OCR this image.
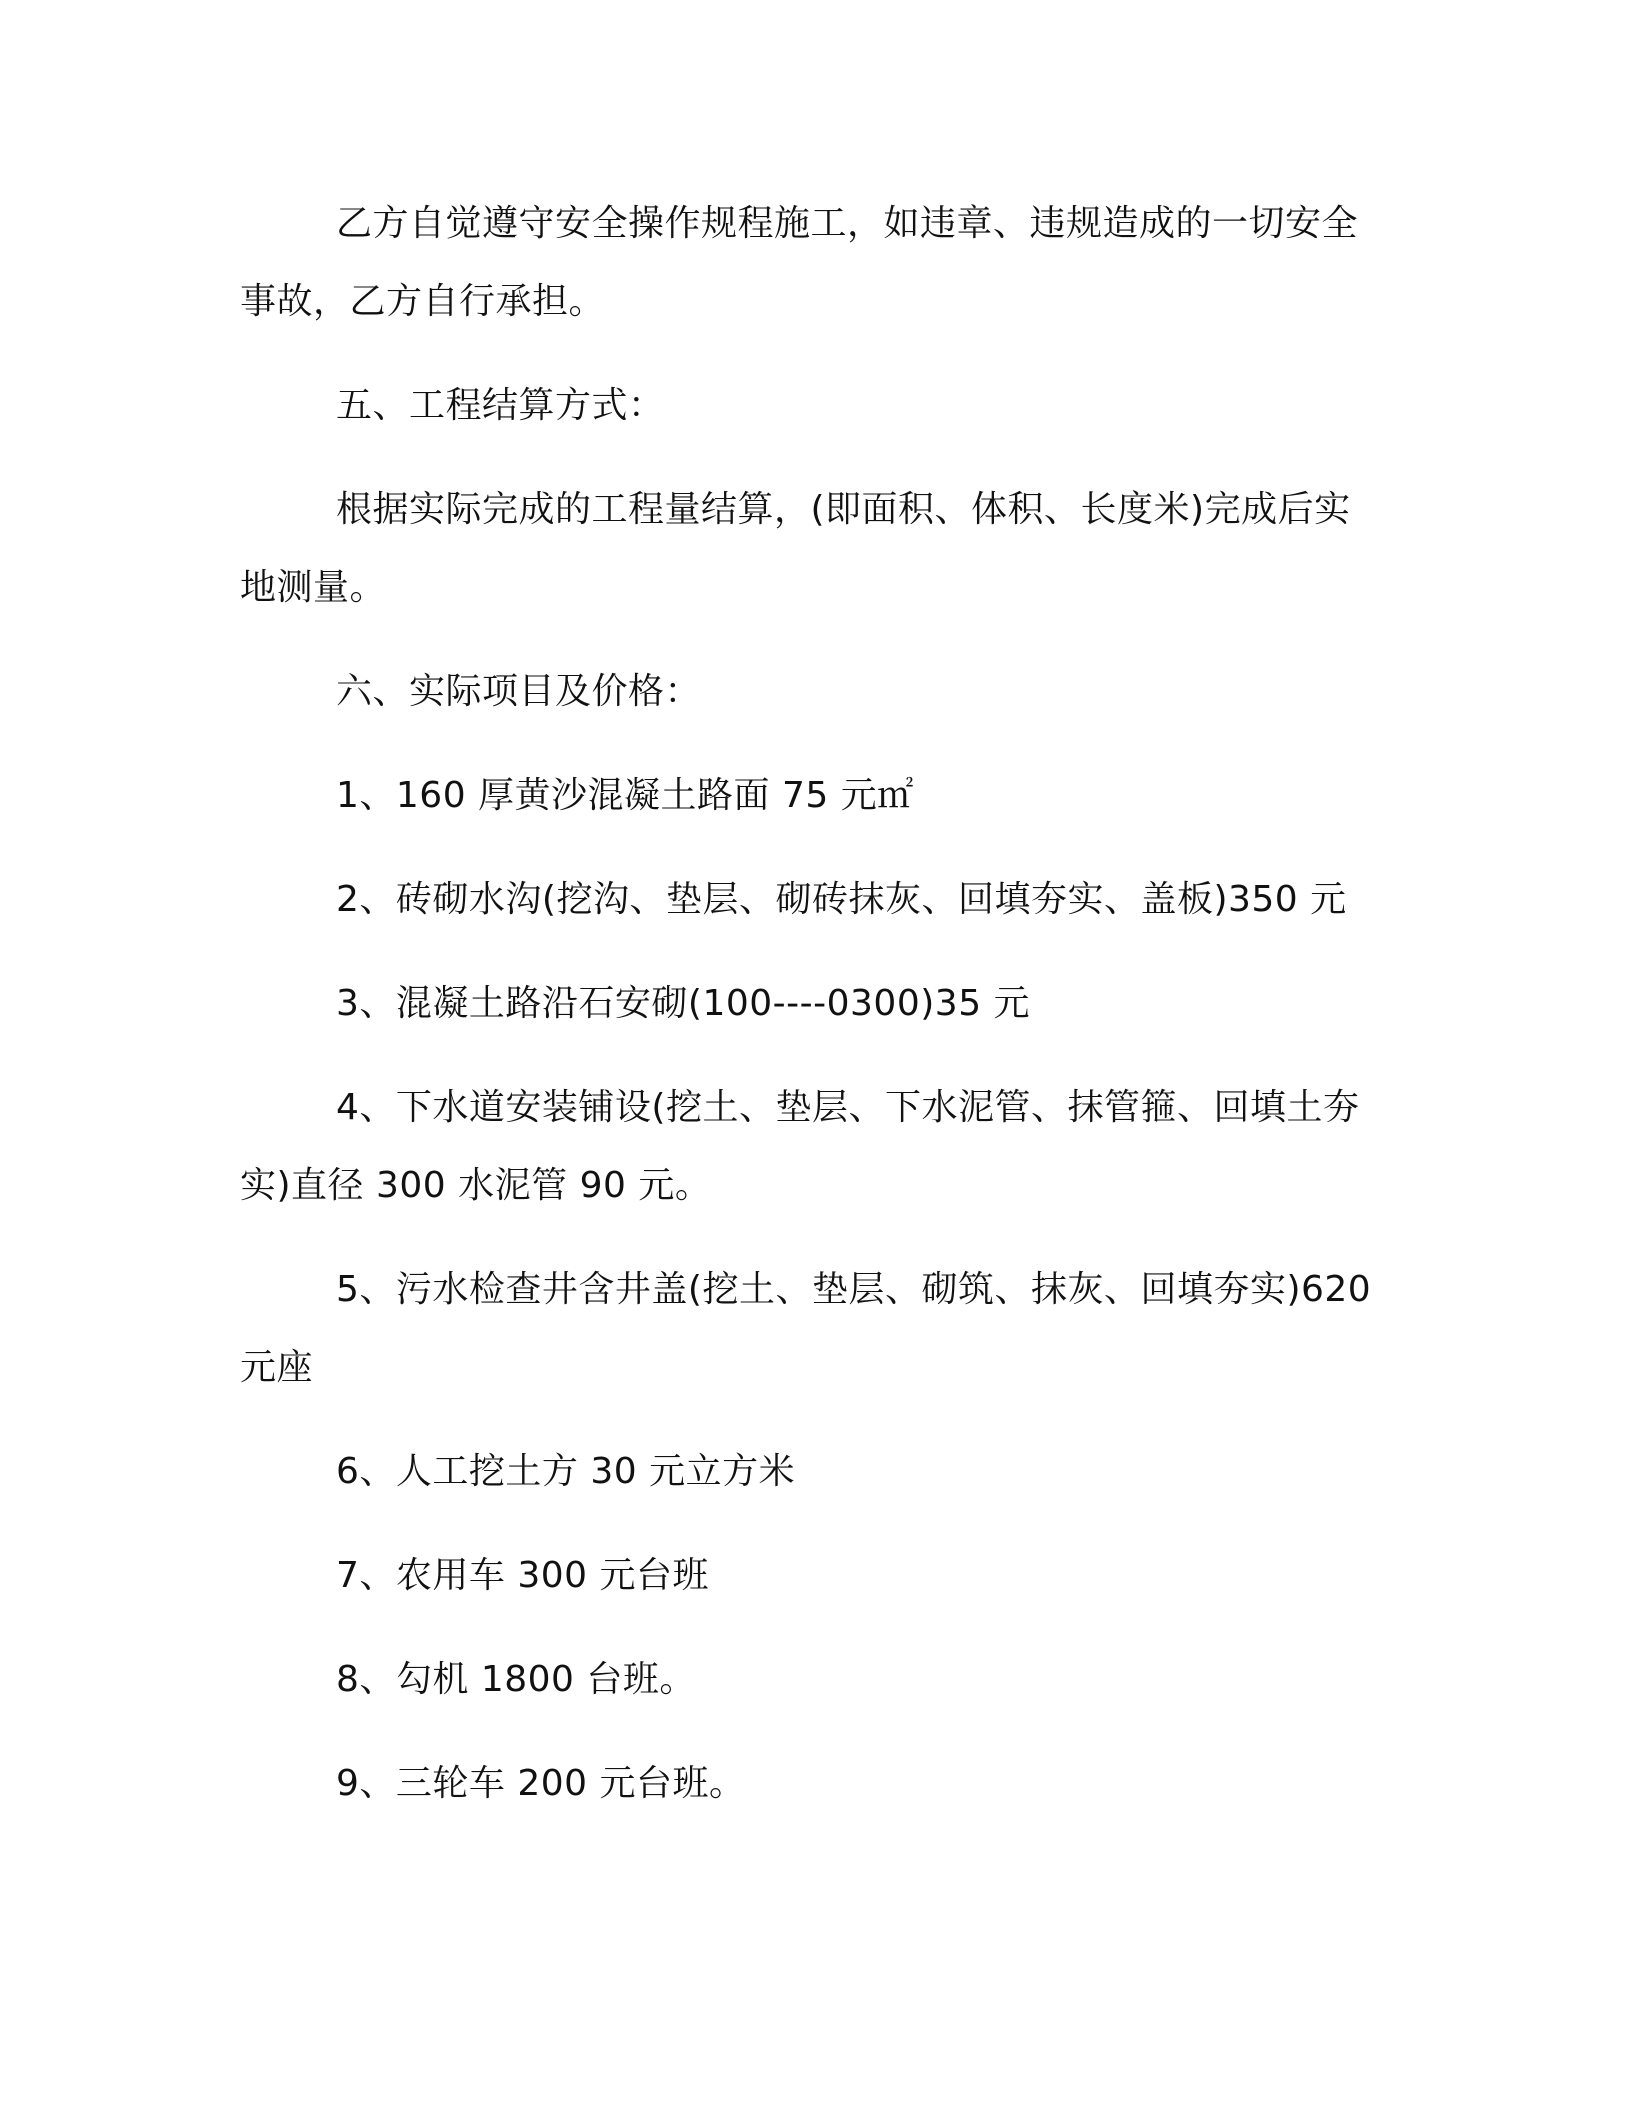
乙方自觉遵守安全操作规程施工，如违章、违规造成的一切安全事故，乙方自行承担。

五、工程结算方式：

根据实际完成的工程量结算，(即面积、体积、长度米)完成后实地测量。

六、实际项目及价格：

1、160 厚黄沙混凝土路面 75 元㎡

2、砖砌水沟(挖沟、垫层、砌砖抹灰、回填夯实、盖板)350 元

3、混凝土路沿石安砌(100----0300)35 元

4、下水道安装铺设(挖土、垫层、下水泥管、抹管箍、回填土夯实)直径 300 水泥管 90 元。

5、污水检查井含井盖(挖土、垫层、砌筑、抹灰、回填夯实)620 元座

6、人工挖土方 30 元立方米

7、农用车 300 元台班

8、勾机 1800 台班。

9、三轮车 200 元台班。
